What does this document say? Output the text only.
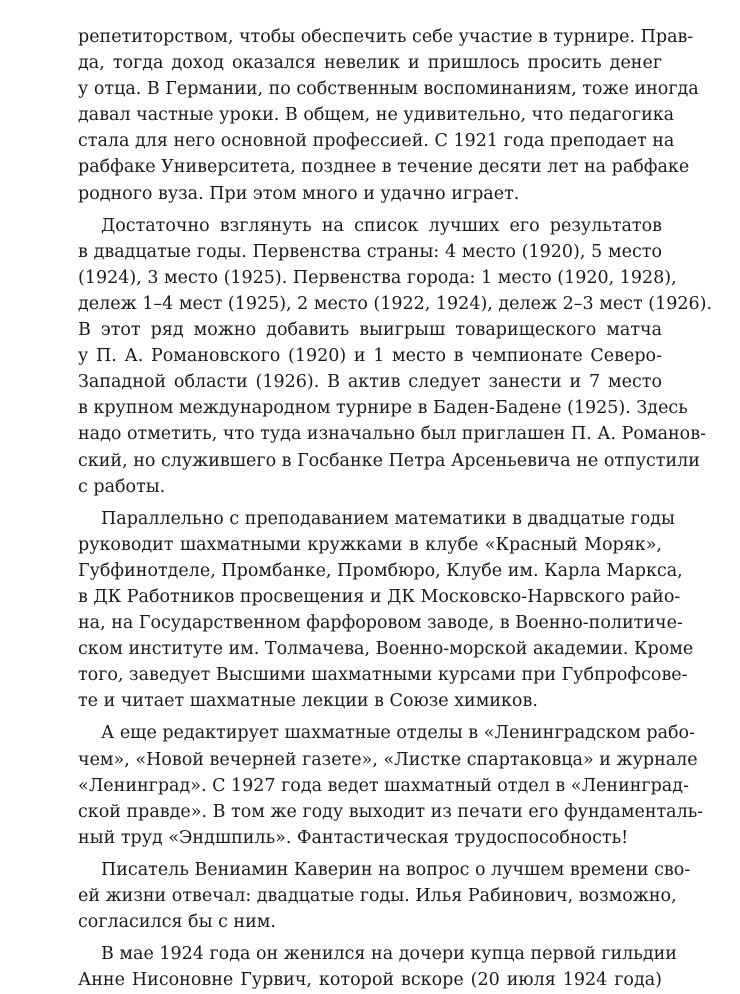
репетиторством, чтобы обеспечить себе участие в турнире. Прав-
да, тогда доход оказался невелик и пришлось просить денег
у отца. В Германии, по собственным воспоминаниям, тоже иногда
давал частные уроки. В общем, не удивительно, что педагогика
стала для него основной профессией. С 1921 года преподает на
рабфаке Университета, позднее в течение десяти лет на рабфаке
родного вуза. При этом много и удачно играет.
Достаточно взглянуть на список лучших его результатов
в двадцатые годы. Первенства страны: 4 место (1920), 5 место
(1924), 3 место (1925). Первенства города: 1 место (1920, 1928),
дележ 1–4 мест (1925), 2 место (1922, 1924), дележ 2–3 мест (1926).
В этот ряд можно добавить выигрыш товарищеского матча
у П. А. Романовского (1920) и 1 место в чемпионате Северо-
Западной области (1926). В актив следует занести и 7 место
в крупном международном турнире в Баден-Бадене (1925). Здесь
надо отметить, что туда изначально был приглашен П. А. Романов-
ский, но служившего в Госбанке Петра Арсеньевича не отпустили
с работы.
Параллельно с преподаванием математики в двадцатые годы
руководит шахматными кружками в клубе «Красный Моряк»,
Губфинотделе, Промбанке, Промбюро, Клубе им. Карла Маркса,
в ДК Работников просвещения и ДК Московско-Нарвского райо-
на, на Государственном фарфоровом заводе, в Военно-политиче-
ском институте им. Толмачева, Военно-морской академии. Кроме
того, заведует Высшими шахматными курсами при Губпрофсове-
те и читает шахматные лекции в Союзе химиков.
А еще редактирует шахматные отделы в «Ленинградском рабо-
чем», «Новой вечерней газете», «Листке спартаковца» и журнале
«Ленинград». С 1927 года ведет шахматный отдел в «Ленинград-
ской правде». В том же году выходит из печати его фундаменталь-
ный труд «Эндшпиль». Фантастическая трудоспособность!
Писатель Вениамин Каверин на вопрос о лучшем времени сво-
ей жизни отвечал: двадцатые годы. Илья Рабинович, возможно,
согласился бы с ним.
В мае 1924 года он женился на дочери купца первой гильдии
Анне Нисоновне Гурвич, которой вскоре (20 июля 1924 года)
